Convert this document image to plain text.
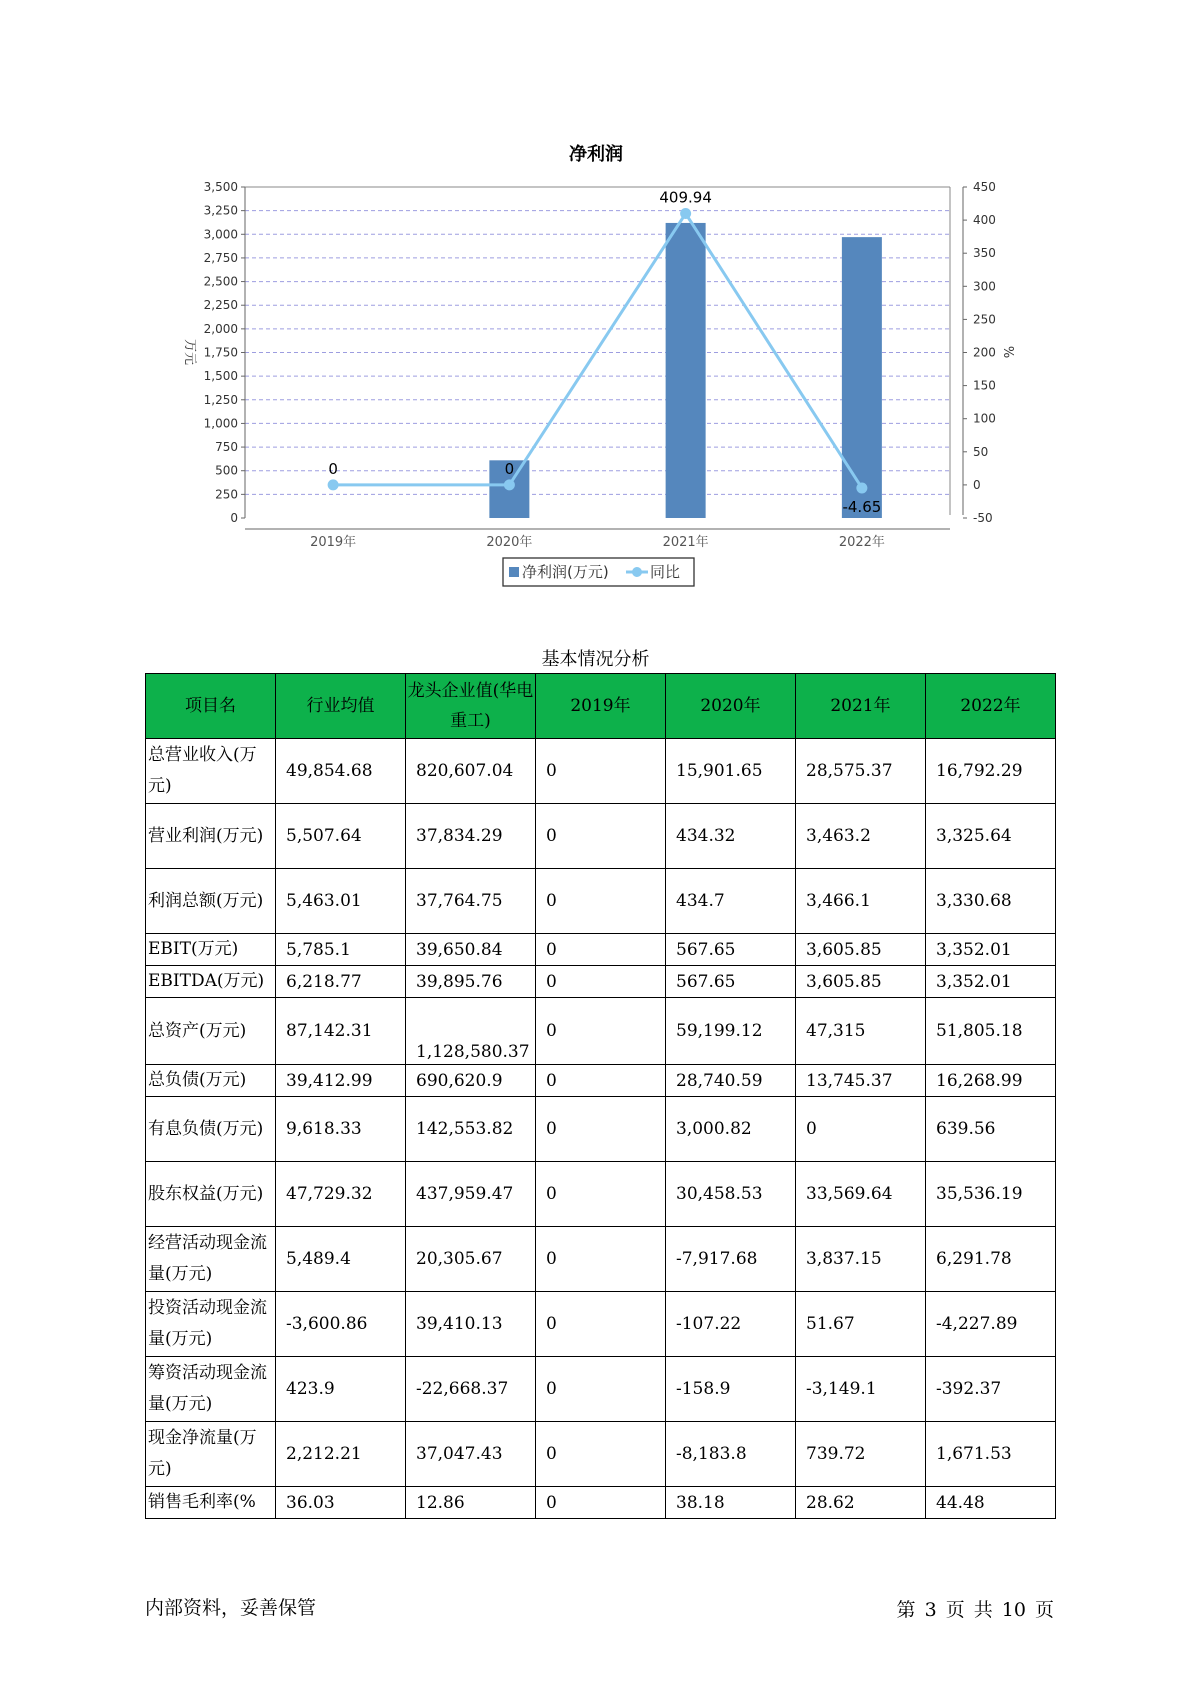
净利润
0
250
500
750
1,000
1,250
1,500
1,750
2,000
2,250
2,500
2,750
3,000
3,250
3,500
-50
0
50
100
150
200
250
300
350
400
450
0	0
409.94
-4.65
2019年	2020年	2021年	2022年
万元	%
净利润(万元)	同比
基本情况分析
项目名	行业均值	龙头企业值(华电重工)	2019年	2020年	2021年	2022年
总营业收入(万元)	49,854.68	820,607.04	0	15,901.65	28,575.37	16,792.29
营业利润(万元)	5,507.64	37,834.29	0	434.32	3,463.2	3,325.64
利润总额(万元)	5,463.01	37,764.75	0	434.7	3,466.1	3,330.68
EBIT(万元)	5,785.1	39,650.84	0	567.65	3,605.85	3,352.01
EBITDA(万元)	6,218.77	39,895.76	0	567.65	3,605.85	3,352.01
总资产(万元)	87,142.31	1,128,580.37	0	59,199.12	47,315	51,805.18
总负债(万元)	39,412.99	690,620.9	0	28,740.59	13,745.37	16,268.99
有息负债(万元)	9,618.33	142,553.82	0	3,000.82	0	639.56
股东权益(万元)	47,729.32	437,959.47	0	30,458.53	33,569.64	35,536.19
经营活动现金流量(万元)	5,489.4	20,305.67	0	-7,917.68	3,837.15	6,291.78
投资活动现金流量(万元)	-3,600.86	39,410.13	0	-107.22	51.67	-4,227.89
筹资活动现金流量(万元)	423.9	-22,668.37	0	-158.9	-3,149.1	-392.37
现金净流量(万元)	2,212.21	37,047.43	0	-8,183.8	739.72	1,671.53
销售毛利率(%	36.03	12.86	0	38.18	28.62	44.48
内部资料，妥善保管	第 3 页 共 10 页
